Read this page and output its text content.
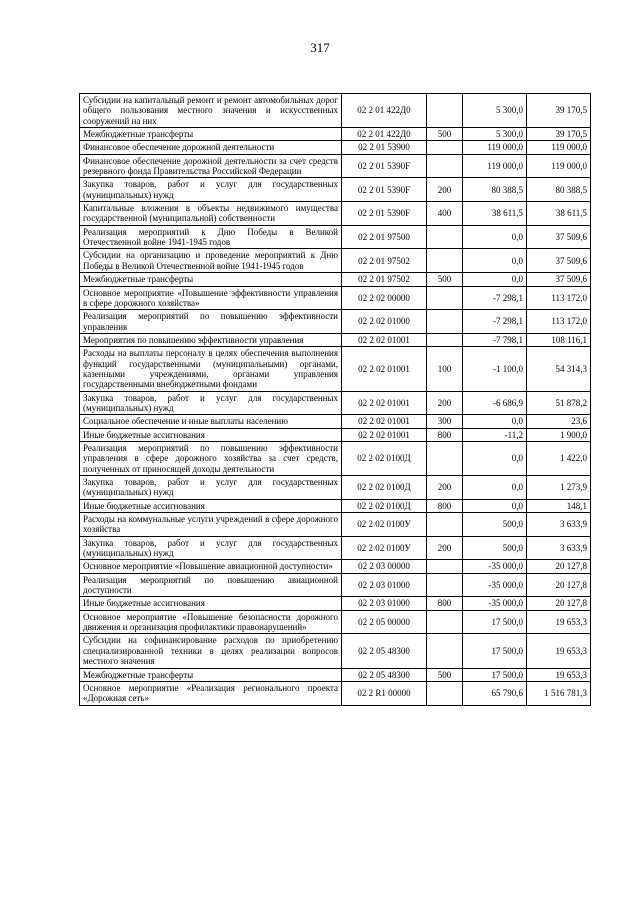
317
Субсидии на капитальный ремонт и ремонт автомобильных дорог общего пользования местного значения и искусственных сооружений на них	02 2 01 422Д0		5 300,0	39 170,5
Межбюджетные трансферты	02 2 01 422Д0	500	5 300,0	39 170,5
Финансовое обеспечение дорожной деятельности	02 2 01 53900		119 000,0	119 000,0
Финансовое обеспечение дорожной деятельности за счет средств резервного фонда Правительства Российской Федерации	02 2 01 5390F		119 000,0	119 000,0
Закупка товаров, работ и услуг для государственных (муниципальных) нужд	02 2 01 5390F	200	80 388,5	80 388,5
Капитальные вложения в объекты недвижимого имущества государственной (муниципальной) собственности	02 2 01 5390F	400	38 611,5	38 611,5
Реализация мероприятий к Дню Победы в Великой Отечественной войне 1941-1945 годов	02 2 01 97500		0,0	37 509,6
Субсидии на организацию и проведение мероприятий к Дню Победы в Великой Отечественной войне 1941-1945 годов	02 2 01 97502		0,0	37 509,6
Межбюджетные трансферты	02 2 01 97502	500	0,0	37 509,6
Основное мероприятие «Повышение эффективности управления в сфере дорожного хозяйства»	02 2 02 00000		-7 298,1	113 172,0
Реализация мероприятий по повышению эффективности управления	02 2 02 01000		-7 298,1	113 172,0
Мероприятия по повышению эффективности управления	02 2 02 01001		-7 798,1	108 116,1
Расходы на выплаты персоналу в целях обеспечения выполнения функций государственными (муниципальными) органами, казенными учреждениями, органами управления государственными внебюджетными фондами	02 2 02 01001	100	-1 100,0	54 314,3
Закупка товаров, работ и услуг для государственных (муниципальных) нужд	02 2 02 01001	200	-6 686,9	51 878,2
Социальное обеспечение и иные выплаты населению	02 2 02 01001	300	0,0	23,6
Иные бюджетные ассигнования	02 2 02 01001	800	-11,2	1 900,0
Реализация мероприятий по повышению эффективности управления в сфере дорожного хозяйства за счет средств, полученных от приносящей доходы деятельности	02 2 02 0100Д		0,0	1 422,0
Закупка товаров, работ и услуг для государственных (муниципальных) нужд	02 2 02 0100Д	200	0,0	1 273,9
Иные бюджетные ассигнования	02 2 02 0100Д	800	0,0	148,1
Расходы на коммунальные услуги учреждений в сфере дорожного хозяйства	02 2 02 0100У		500,0	3 633,9
Закупка товаров, работ и услуг для государственных (муниципальных) нужд	02 2 02 0100У	200	500,0	3 633,9
Основное мероприятие «Повышение авиационной доступности»	02 2 03 00000		-35 000,0	20 127,8
Реализация мероприятий по повышению авиационной доступности	02 2 03 01000		-35 000,0	20 127,8
Иные бюджетные ассигнования	02 2 03 01000	800	-35 000,0	20 127,8
Основное мероприятие «Повышение безопасности дорожного движения и организация профилактики правонарушений»	02 2 05 00000		17 500,0	19 653,3
Субсидии на софинансирование расходов по приобретению специализированной техники в целях реализации вопросов местного значения	02 2 05 48300		17 500,0	19 653,3
Межбюджетные трансферты	02 2 05 48300	500	17 500,0	19 653,3
Основное мероприятие «Реализация регионального проекта «Дорожная сеть»	02 2 R1 00000		65 790,6	1 516 781,3
